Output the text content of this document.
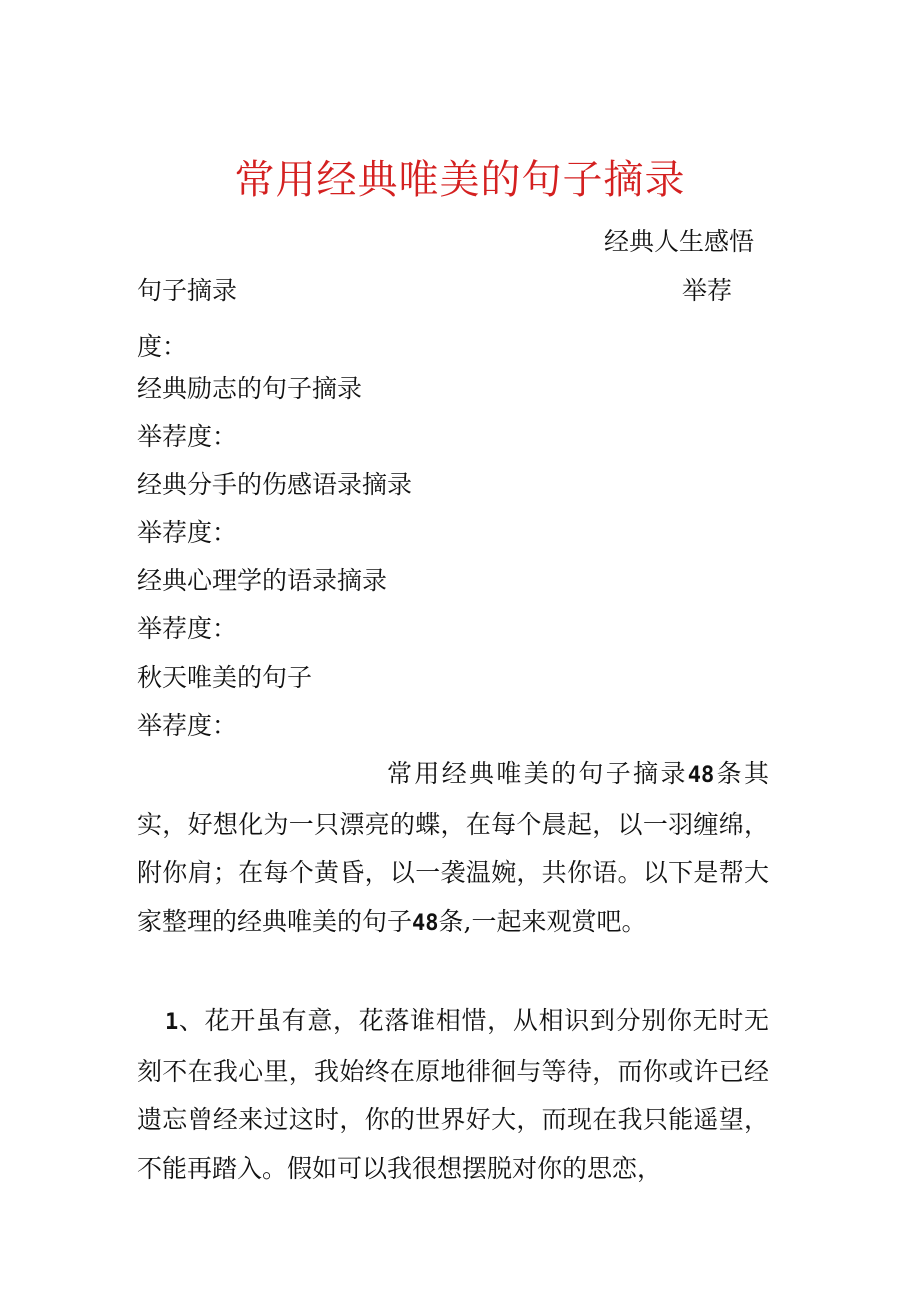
常用经典唯美的句子摘录
经典人生感悟
句子摘录	举荐
度：
经典励志的句子摘录
举荐度：
经典分手的伤感语录摘录
举荐度：
经典心理学的语录摘录
举荐度：
秋天唯美的句子
举荐度：

常用经典唯美的句子摘录48条其实，好想化为一只漂亮的蝶，在每个晨起，以一羽缠绵，附你肩；在每个黄昏，以一袭温婉，共你语。以下是帮大家整理的经典唯美的句子48条,一起来观赏吧。

1、花开虽有意，花落谁相惜，从相识到分别你无时无刻不在我心里，我始终在原地徘徊与等待，而你或许已经遗忘曾经来过这时，你的世界好大，而现在我只能遥望，不能再踏入。假如可以我很想摆脱对你的思恋，
